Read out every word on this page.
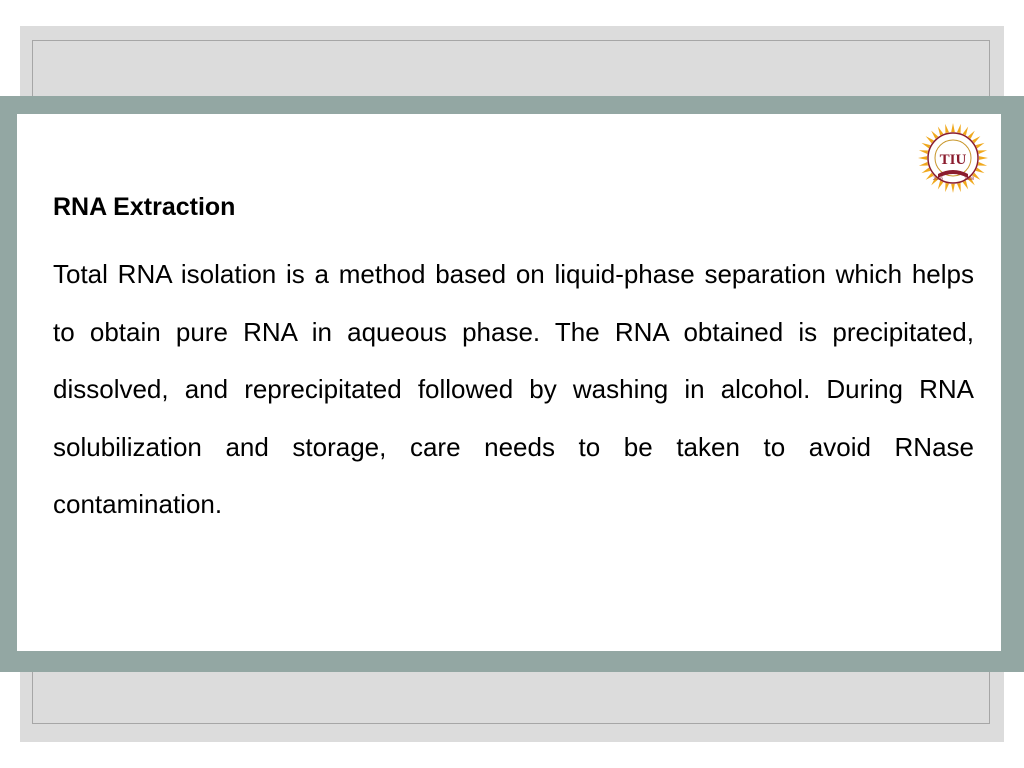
TIU
2006	2008
RNA Extraction

Total RNA isolation is a method based on liquid-phase separation which helps to obtain pure RNA in aqueous phase. The RNA obtained is precipitated, dissolved, and reprecipitated followed by washing in alcohol. During RNA solubilization and storage, care needs to be taken to avoid RNase contamination.
